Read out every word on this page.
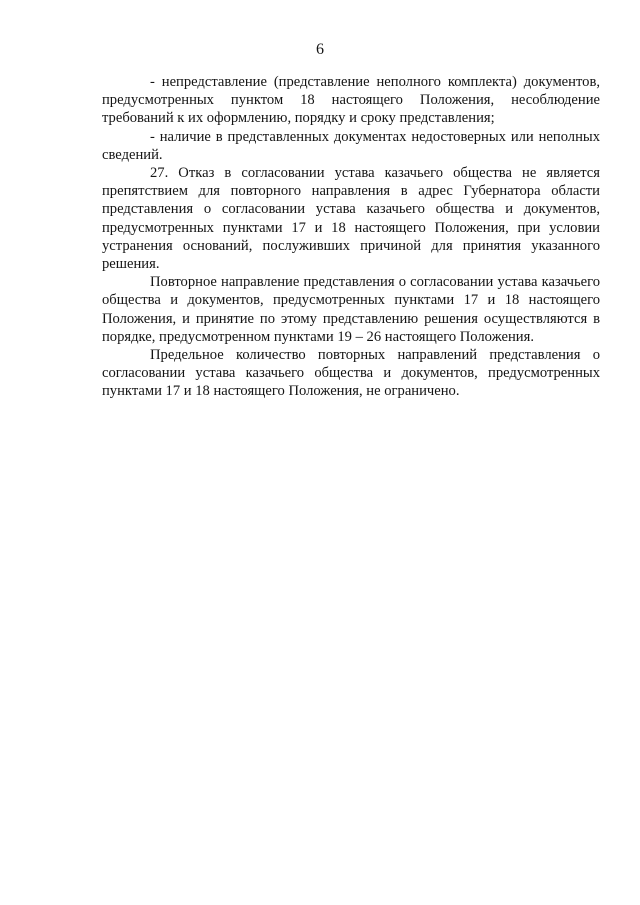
6

- непредставление (представление неполного комплекта) документов, предусмотренных пунктом 18 настоящего Положения, несоблюдение требований к их оформлению, порядку и сроку представления;

- наличие в представленных документах недостоверных или неполных сведений.

27. Отказ в согласовании устава казачьего общества не является препятствием для повторного направления в адрес Губернатора области представления о согласовании устава казачьего общества и документов, предусмотренных пунктами 17 и 18 настоящего Положения, при условии устранения оснований, послуживших причиной для принятия указанного решения.

Повторное направление представления о согласовании устава казачьего общества и документов, предусмотренных пунктами 17 и 18 настоящего Положения, и принятие по этому представлению решения осуществляются в порядке, предусмотренном пунктами 19 – 26 настоящего Положения.

Предельное количество повторных направлений представления о согласовании устава казачьего общества и документов, предусмотренных пунктами 17 и 18 настоящего Положения, не ограничено.
